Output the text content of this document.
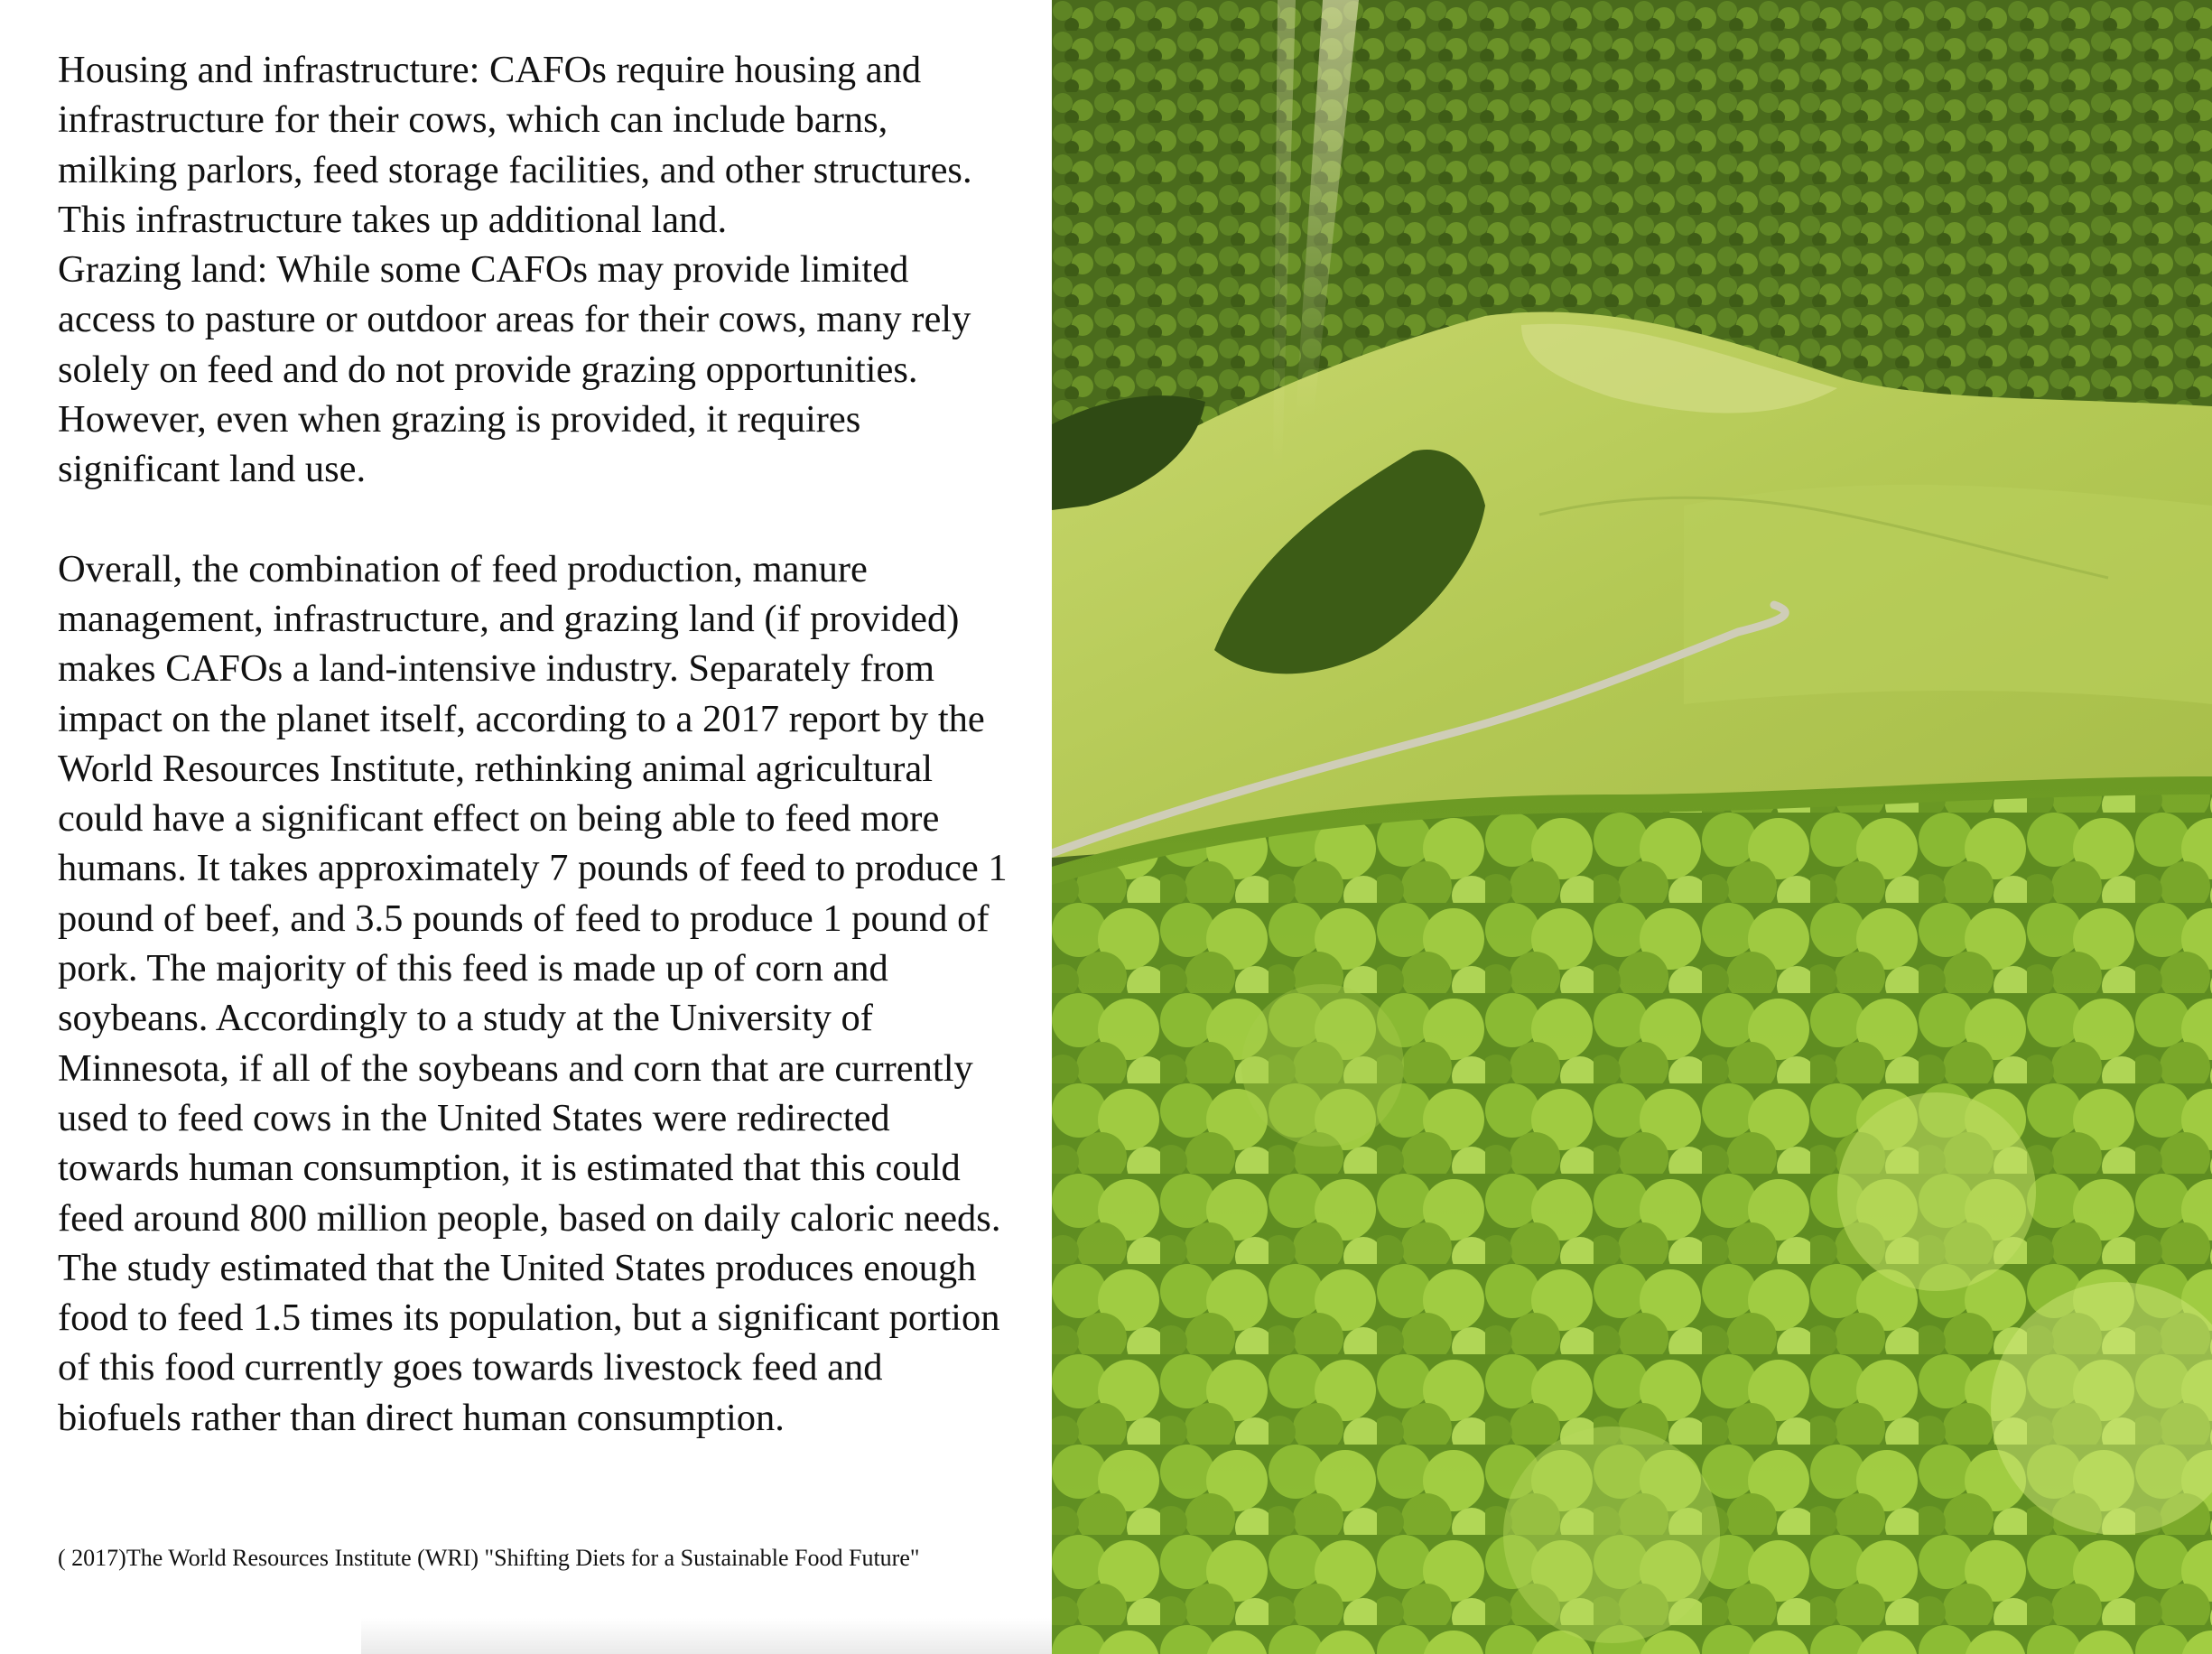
Housing and infrastructure: CAFOs require housing and infrastructure for their cows, which can include barns, milking parlors, feed storage facilities, and other structures. This infrastructure takes up additional land.

Grazing land: While some CAFOs may provide limited access to pasture or outdoor areas for their cows, many rely solely on feed and do not provide grazing opportunities. However, even when grazing is provided, it requires significant land use.

Overall, the combination of feed production, manure management, infrastructure, and grazing land (if provided) makes CAFOs a land-intensive industry. Separately from impact on the planet itself, according to a 2017 report by the World Resources Institute, rethinking animal agricultural could have a significant effect on being able to feed more humans. It takes approximately 7 pounds of feed to produce 1 pound of beef, and 3.5 pounds of feed to produce 1 pound of pork. The majority of this feed is made up of corn and soybeans. Accordingly to a study at the University of Minnesota, if all of the soybeans and corn that are currently used to feed cows in the United States were redirected towards human consumption, it is estimated that this could feed around 800 million people, based on daily caloric needs. The study estimated that the United States produces enough food to feed 1.5 times its population, but a significant portion of this food currently goes towards livestock feed and biofuels rather than direct human consumption.

( 2017)The World Resources Institute (WRI) "Shifting Diets for a Sustainable Food Future"
